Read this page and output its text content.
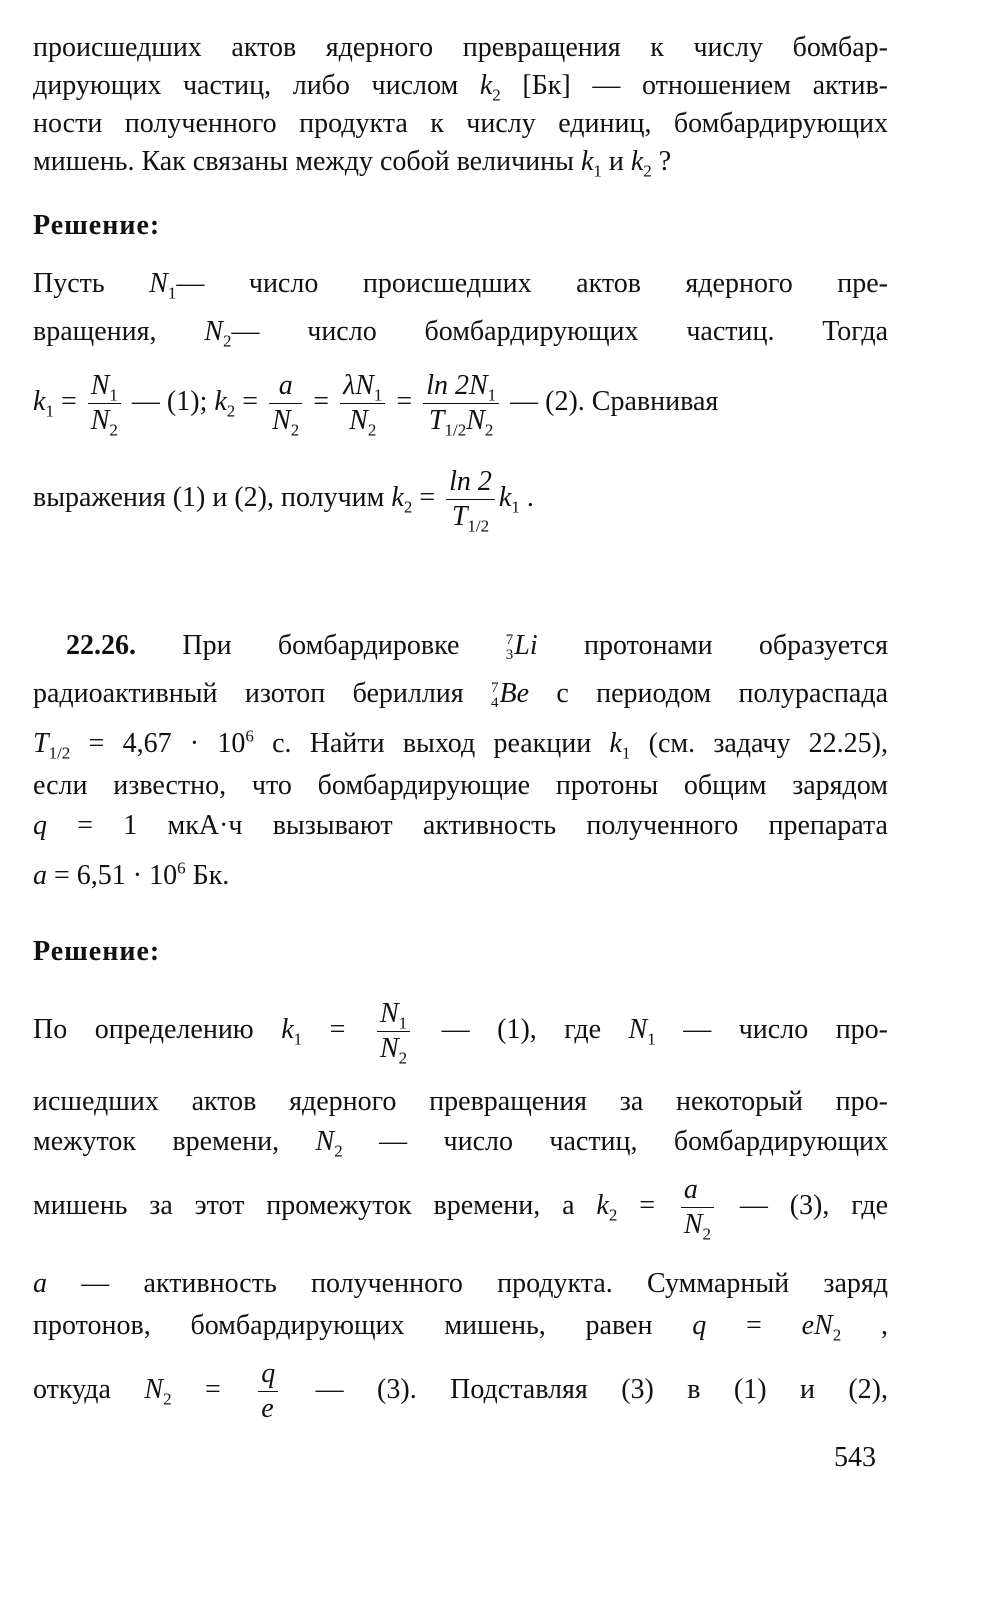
происшедших актов ядерного превращения к числу бомбар-
дирующих частиц, либо числом $k_2$ [Бк] — отношением актив-
ности полученного продукта к числу единиц, бомбардирующих
мишень. Как связаны между собой величины $k_1$ и $k_2$ ?
Решение:
Пусть $N_1—$ число происшедших актов ядерного пре-
вращения, $N_2—$ число бомбардирующих частиц. Тогда
$k_1 = \frac{N_1}{N_2}$ — (1); $k_2 = \frac{a}{N_2} = \frac{\lambda N_1}{N_2} = \frac{\ln 2N_1}{T_{1/2}N_2}$ — (2). Сравнивая
выражения (1) и (2), получим $k_2 = \frac{\ln 2}{T_{1/2}} k_1$ .
22.26. При бомбардировке 7
3Li протонами образуется
радиоактивный изотоп бериллия 7
4Be с периодом полураспада
$T_{1/2} = 4,67 \cdot 10^6$ с. Найти выход реакции $k_1$ (см. задачу 22.25),
если известно, что бомбардирующие протоны общим зарядом
q = 1 мкА·ч вызывают активность полученного препарата
$a = 6,51 \cdot 10^6$ Бк.
Решение:
По определению $k_1 = \frac{N_1}{N_2}$ — (1), где $N_1$ — число про-
исшедших актов ядерного превращения за некоторый про-
межуток времени, $N_2$ — число частиц, бомбардирующих
мишень за этот промежуток времени, а $k_2 = \frac{a}{N_2}$ — (3), где
a — активность полученного продукта. Суммарный заряд
протонов, бомбардирующих мишень, равен $q = eN_2$ ,
откуда $N_2 = \frac{q}{e}$ — (3). Подставляя (3) в (1) и (2),
543
